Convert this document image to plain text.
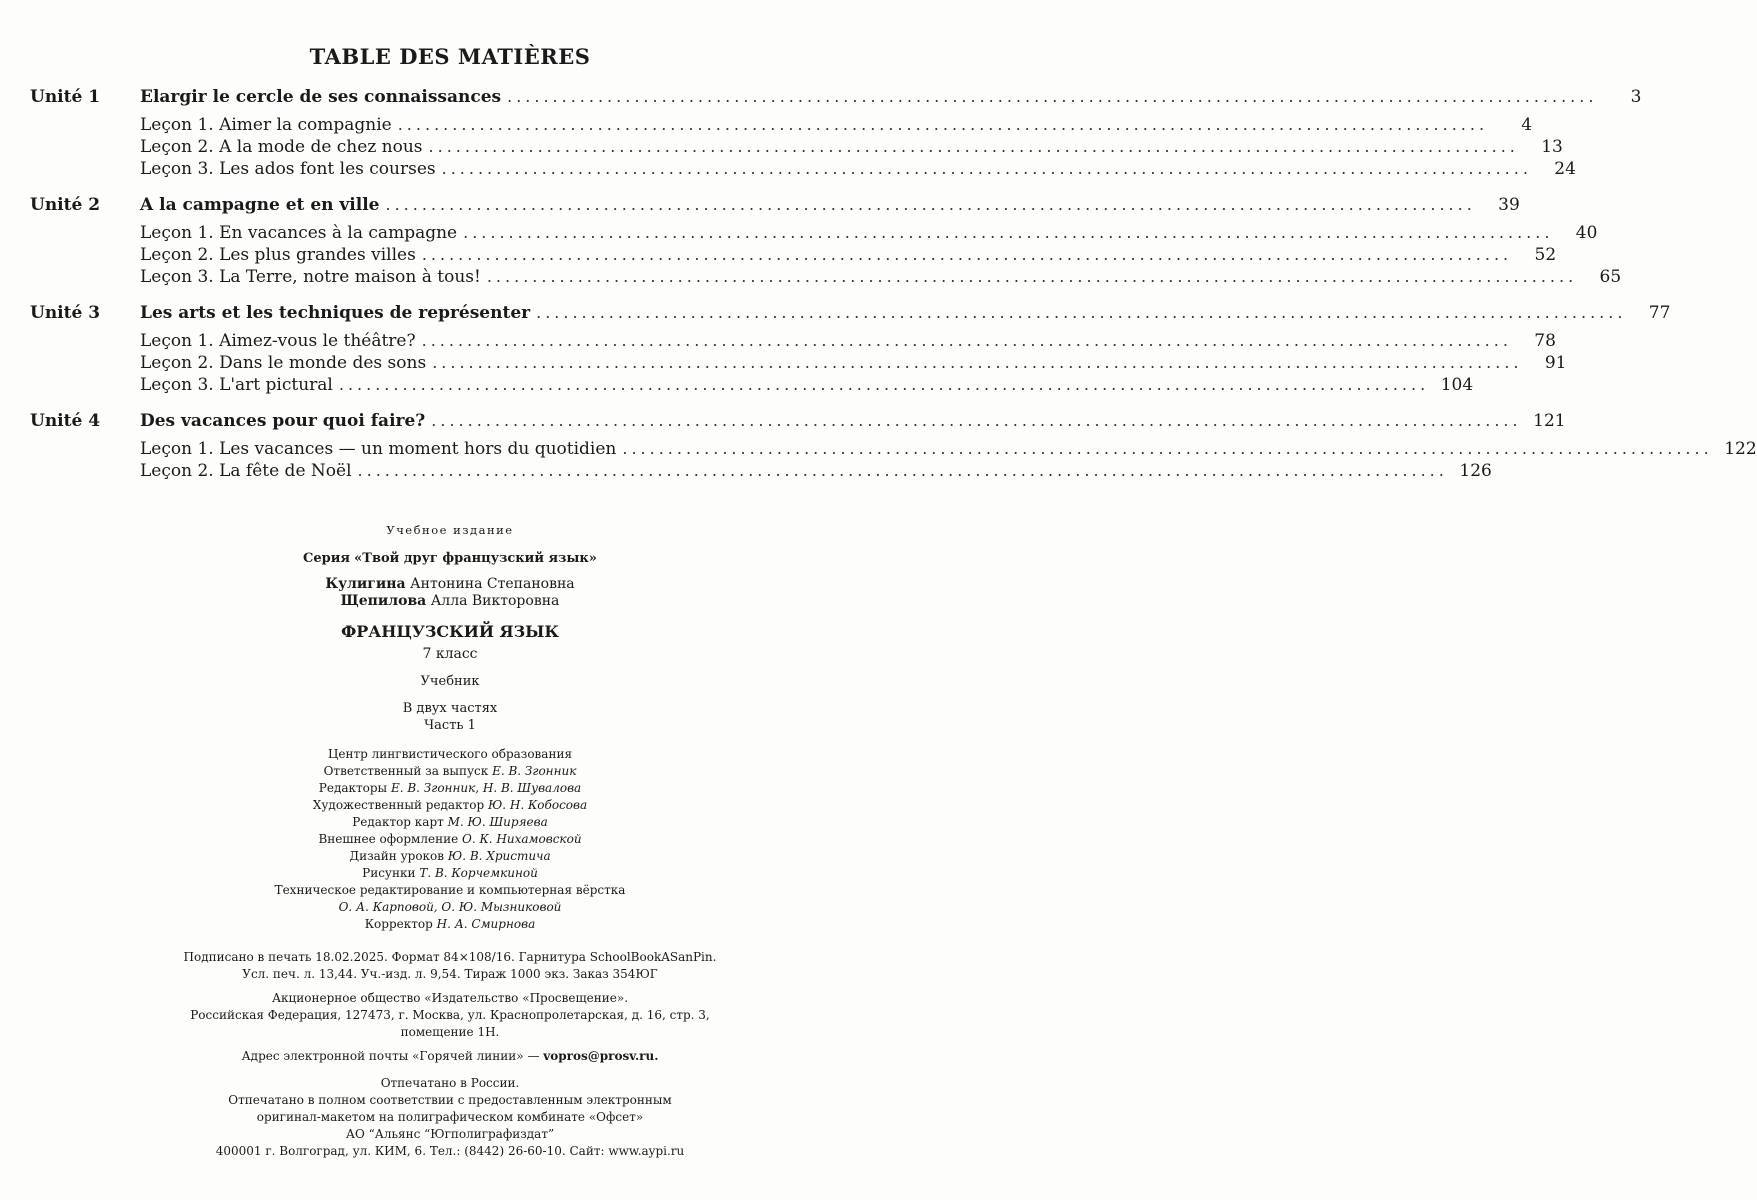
TABLE DES MATIÈRES
Unité 1	Elargir le cercle de ses connaissances ........................................................................................................................	3
Leçon 1. Aimer la compagnie ........................................................................................................................	4
Leçon 2. A la mode de chez nous ........................................................................................................................	13
Leçon 3. Les ados font les courses ........................................................................................................................	24
Unité 2	A la campagne et en ville ........................................................................................................................	39
Leçon 1. En vacances à la campagne ........................................................................................................................	40
Leçon 2. Les plus grandes villes ........................................................................................................................	52
Leçon 3. La Terre, notre maison à tous! ........................................................................................................................	65
Unité 3	Les arts et les techniques de représenter ........................................................................................................................	77
Leçon 1. Aimez-vous le théâtre? ........................................................................................................................	78
Leçon 2. Dans le monde des sons ........................................................................................................................	91
Leçon 3. L'art pictural ........................................................................................................................ 104
Unité 4	Des vacances pour quoi faire? ........................................................................................................................ 121
Leçon 1. Les vacances — un moment hors du quotidien ........................................................................................................................ 122
Leçon 2. La fête de Noël ........................................................................................................................ 126
Учебное издание
Серия «Твой друг французский язык»
Кулигина Антонина Степановна
Щепилова Алла Викторовна
ФРАНЦУЗСКИЙ ЯЗЫК
7 класс
Учебник
В двух частях
Часть 1
Центр лингвистического образования
Ответственный за выпуск Е. В. Згонник
Редакторы Е. В. Згонник, Н. В. Шувалова
Художественный редактор Ю. Н. Кобосова
Редактор карт М. Ю. Ширяева
Внешнее оформление О. К. Нихамовской
Дизайн уроков Ю. В. Христича
Рисунки Т. В. Корчемкиной
Техническое редактирование и компьютерная вёрстка
О. А. Карповой, О. Ю. Мызниковой
Корректор Н. А. Смирнова
Подписано в печать 18.02.2025. Формат 84×108/16. Гарнитура SchoolBookASanPin.
Усл. печ. л. 13,44. Уч.-изд. л. 9,54. Тираж 1000 экз. Заказ 354ЮГ
Акционерное общество «Издательство «Просвещение».
Российская Федерация, 127473, г. Москва, ул. Краснопролетарская, д. 16, стр. 3,
помещение 1Н.
Адрес электронной почты «Горячей линии» — vopros@prosv.ru.
Отпечатано в России.
Отпечатано в полном соответствии с предоставленным электронным
оригинал-макетом на полиграфическом комбинате «Офсет»
АО “Альянс “Югполиграфиздат”
400001 г. Волгоград, ул. КИМ, 6. Тел.: (8442) 26-60-10. Сайт: www.aypi.ru
